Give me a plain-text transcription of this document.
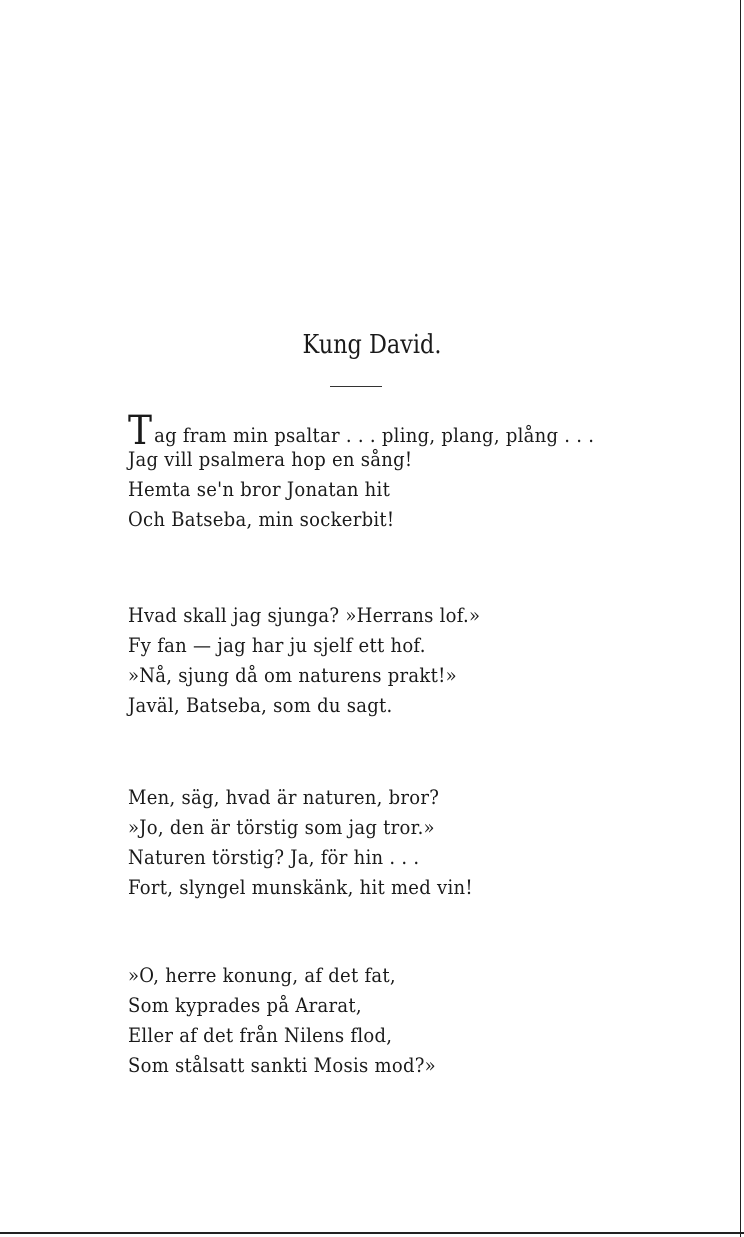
Kung David.
Tag fram min psaltar . . . pling, plang, plång . . .
Jag vill psalmera hop en sång!
Hemta se'n bror Jonatan hit
Och Batseba, min sockerbit!
Hvad skall jag sjunga? »Herrans lof.»
Fy fan — jag har ju sjelf ett hof.
»Nå, sjung då om naturens prakt!»
Javäl, Batseba, som du sagt.
Men, säg, hvad är naturen, bror?
»Jo, den är törstig som jag tror.»
Naturen törstig? Ja, för hin . . .
Fort, slyngel munskänk, hit med vin!
»O, herre konung, af det fat,
Som kyprades på Ararat,
Eller af det från Nilens flod,
Som stålsatt sankti Mosis mod?»
